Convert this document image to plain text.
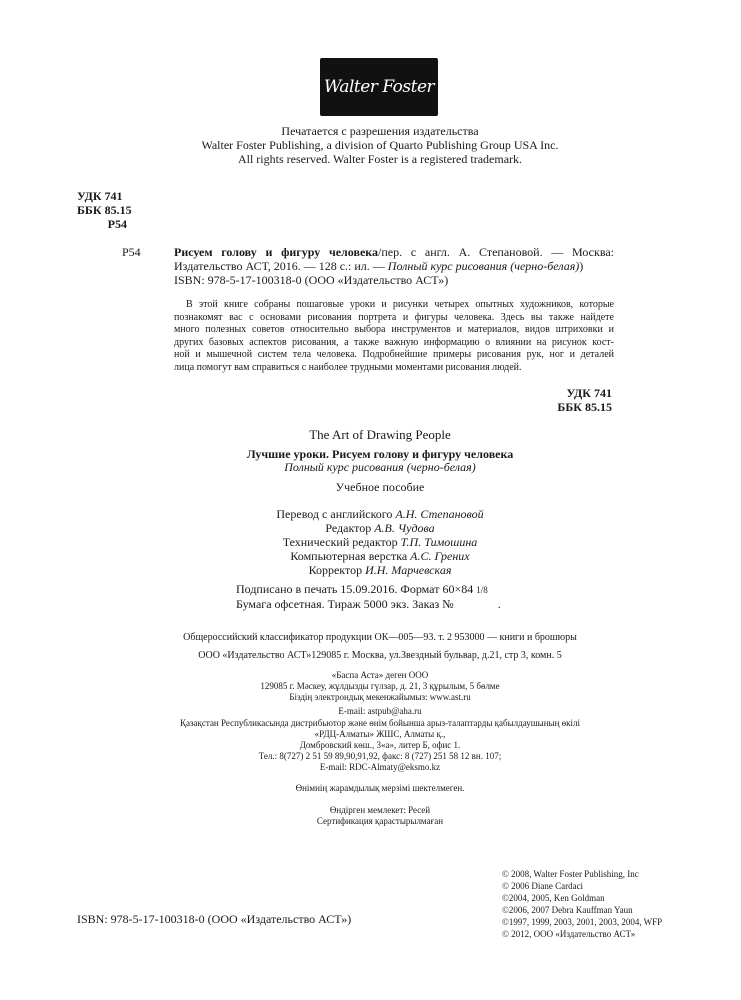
Walter Foster
Печатается с разрешения издательства
Walter Foster Publishing, a division of Quarto Publishing Group USA Inc.
All rights reserved. Walter Foster is a registered trademark.
УДК 741
ББК 85.15
Р54
Р54	Рисуем голову и фигуру человека/пер. с англ. А. Степановой. — Москва:
Издательство АСТ, 2016. — 128 с.: ил. — Полный курс рисования (черно-белая))
ISBN: 978-5-17-100318-0 (ООО «Издательство АСТ»)
В этой книге собраны пошаговые уроки и рисунки четырех опытных художников, которые
познакомят вас с основами рисования портрета и фигуры человека. Здесь вы также найдете
много полезных советов относительно выбора инструментов и материалов, видов штриховки и
других базовых аспектов рисования, а также важную информацию о влиянии на рисунок кост-
ной и мышечной систем тела человека. Подробнейшие примеры рисования рук, ног и деталей
лица помогут вам справиться с наиболее трудными моментами рисования людей.
УДК 741
ББК 85.15
The Art of Drawing People
Лучшие уроки. Рисуем голову и фигуру человека
Полный курс рисования (черно-белая)
Учебное пособие
Перевод с английского А.Н. Степановой
Редактор А.В. Чудова
Технический редактор Т.П. Тимошина
Компьютерная верстка А.С. Грених
Корректор И.Н. Марчевская
Подписано в печать 15.09.2016. Формат 60×84 1/8
Бумага офсетная. Тираж 5000 экз. Заказ №	.
Общероссийский классификатор продукции ОК—005—93. т. 2 953000 — книги и брошюры
ООО «Издательство АСТ»129085 г. Москва, ул.Звездный бульвар, д.21, стр 3, комн. 5
«Баспа Аста» деген ООО
129085 г. Мәскеу, жұлдызды гүлзар, д. 21, 3 құрылым, 5 бөлме
Біздің электрондық мекенжайымыз: www.ast.ru
E-mail: astpub@aha.ru
Қазақстан Республикасында дистрибьютор және өнім бойынша арыз-талаптарды қабылдаушының өкілі
«РДЦ-Алматы» ЖШС, Алматы қ.,
Домбровский көш., 3«а», литер Б, офис 1.
Тел.: 8(727) 2 51 59 89,90,91,92, факс: 8 (727) 251 58 12 вн. 107;
E-mail: RDC-Almaty@eksmo.kz
Өнімнің жарамдылық мерзімі шектелмеген.
Өндірген мемлекет: Ресей
Сертификация қарастырылмаған
ISBN: 978-5-17-100318-0 (ООО «Издательство АСТ»)
© 2008, Walter Foster Publishing, Inc
© 2006 Diane Cardaci
©2004, 2005, Ken Goldman
©2006, 2007 Debra Kauffman Yaun
©1997, 1999, 2003, 2001, 2003, 2004, WFP
© 2012, ООО «Издательство АСТ»
